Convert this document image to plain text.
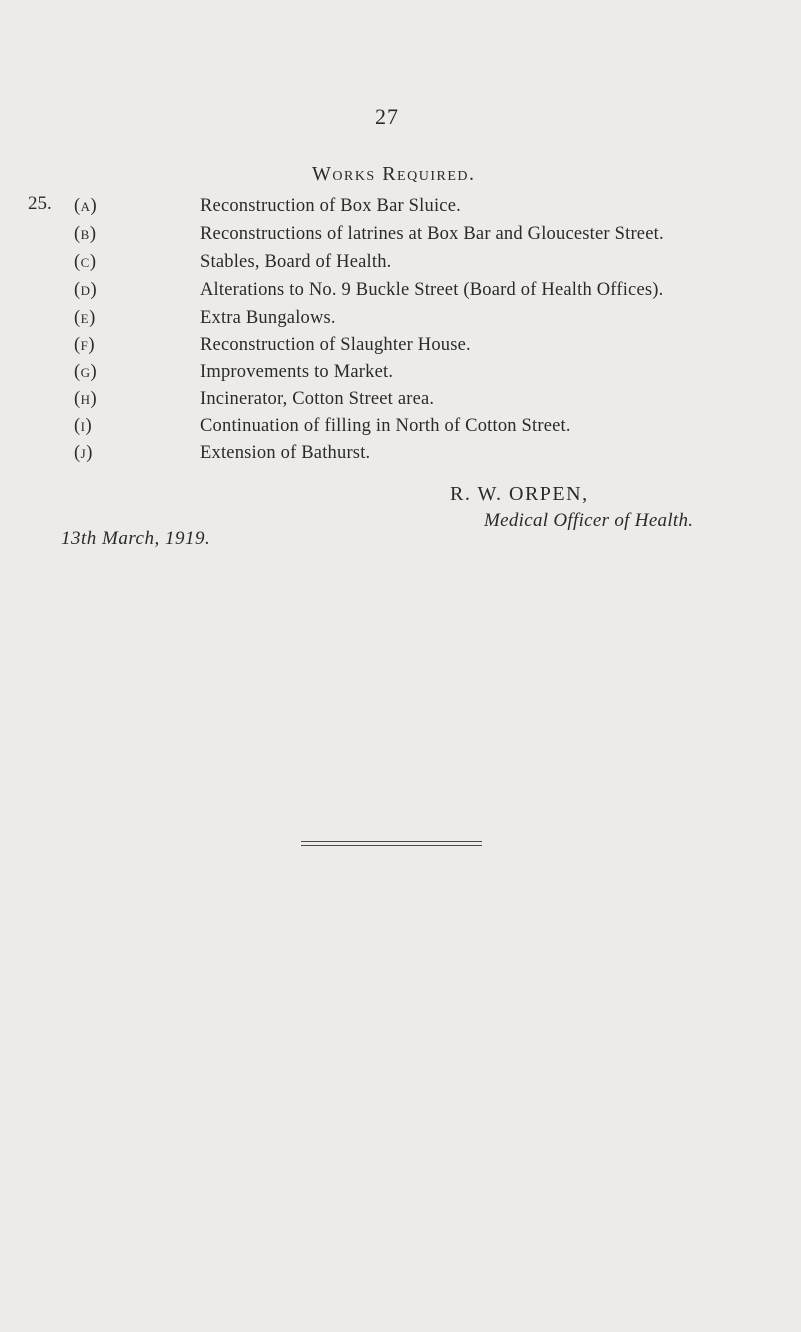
27
Works Required.
25. (a)	Reconstruction of Box Bar Sluice.
(b)	Reconstructions of latrines at Box Bar and Gloucester Street.
(c)	Stables, Board of Health.
(d)	Alterations to No. 9 Buckle Street (Board of Health Offices).
(e)	Extra Bungalows.
(f)	Reconstruction of Slaughter House.
(g)	Improvements to Market.
(h)	Incinerator, Cotton Street area.
(i)	Continuation of filling in North of Cotton Street.
(j)	Extension of Bathurst.
R. W. ORPEN,
Medical Officer of Health.
13th March, 1919.
